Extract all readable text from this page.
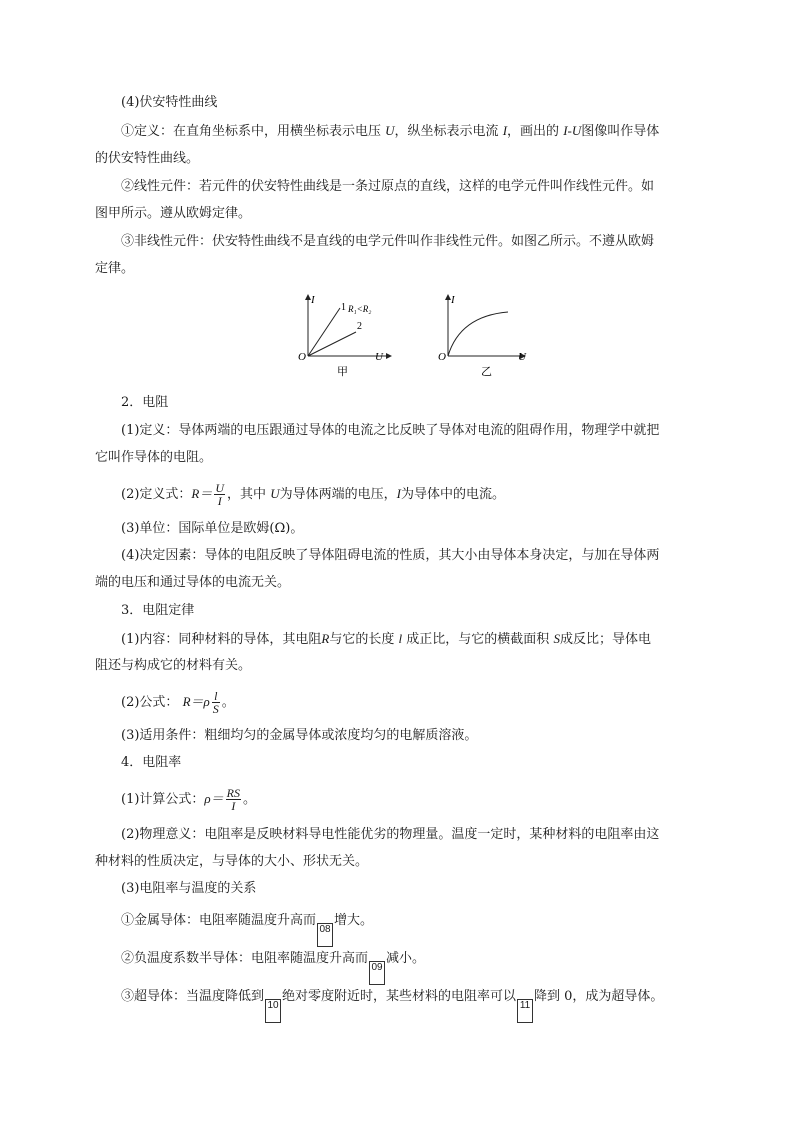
(4)伏安特性曲线

①定义：在直角坐标系中，用横坐标表示电压 U，纵坐标表示电流 I，画出的 I-U图像叫作导体

的伏安特性曲线。

②线性元件：若元件的伏安特性曲线是一条过原点的直线，这样的电学元件叫作线性元件。如

图甲所示。遵从欧姆定律。

③非线性元件：伏安特性曲线不是直线的电学元件叫作非线性元件。如图乙所示。不遵从欧姆

定律。

I
O	U
1
2
R₁<R₂
甲
I
O	U
乙

2．电阻

(1)定义：导体两端的电压跟通过导体的电流之比反映了导体对电流的阻碍作用，物理学中就把

它叫作导体的电阻。

(2)定义式：$R= \frac{U}{I}$ ，其中 U为导体两端的电压，I为导体中的电流。

(3)单位：国际单位是欧姆(Ω)。

(4)决定因素：导体的电阻反映了导体阻碍电流的性质，其大小由导体本身决定，与加在导体两

端的电压和通过导体的电流无关。

3．电阻定律

(1)内容：同种材料的导体，其电阻R与它的长度 l 成正比，与它的横截面积 S成反比；导体电

阻还与构成它的材料有关。

(2)公式： $R=\rho \frac{l}{S}$ 。

(3)适用条件：粗细均匀的金属导体或浓度均匀的电解质溶液。

4．电阻率

(1)计算公式：$\rho= \frac{RS}{I}$ 。

(2)物理意义：电阻率是反映材料导电性能优劣的物理量。温度一定时，某种材料的电阻率由这

种材料的性质决定，与导体的大小、形状无关。

(3)电阻率与温度的关系

①金属导体：电阻率随温度升高而08增大。

②负温度系数半导体：电阻率随温度升高而09减小。

③超导体：当温度降低到10绝对零度附近时，某些材料的电阻率可以11降到 0，成为超导体。
